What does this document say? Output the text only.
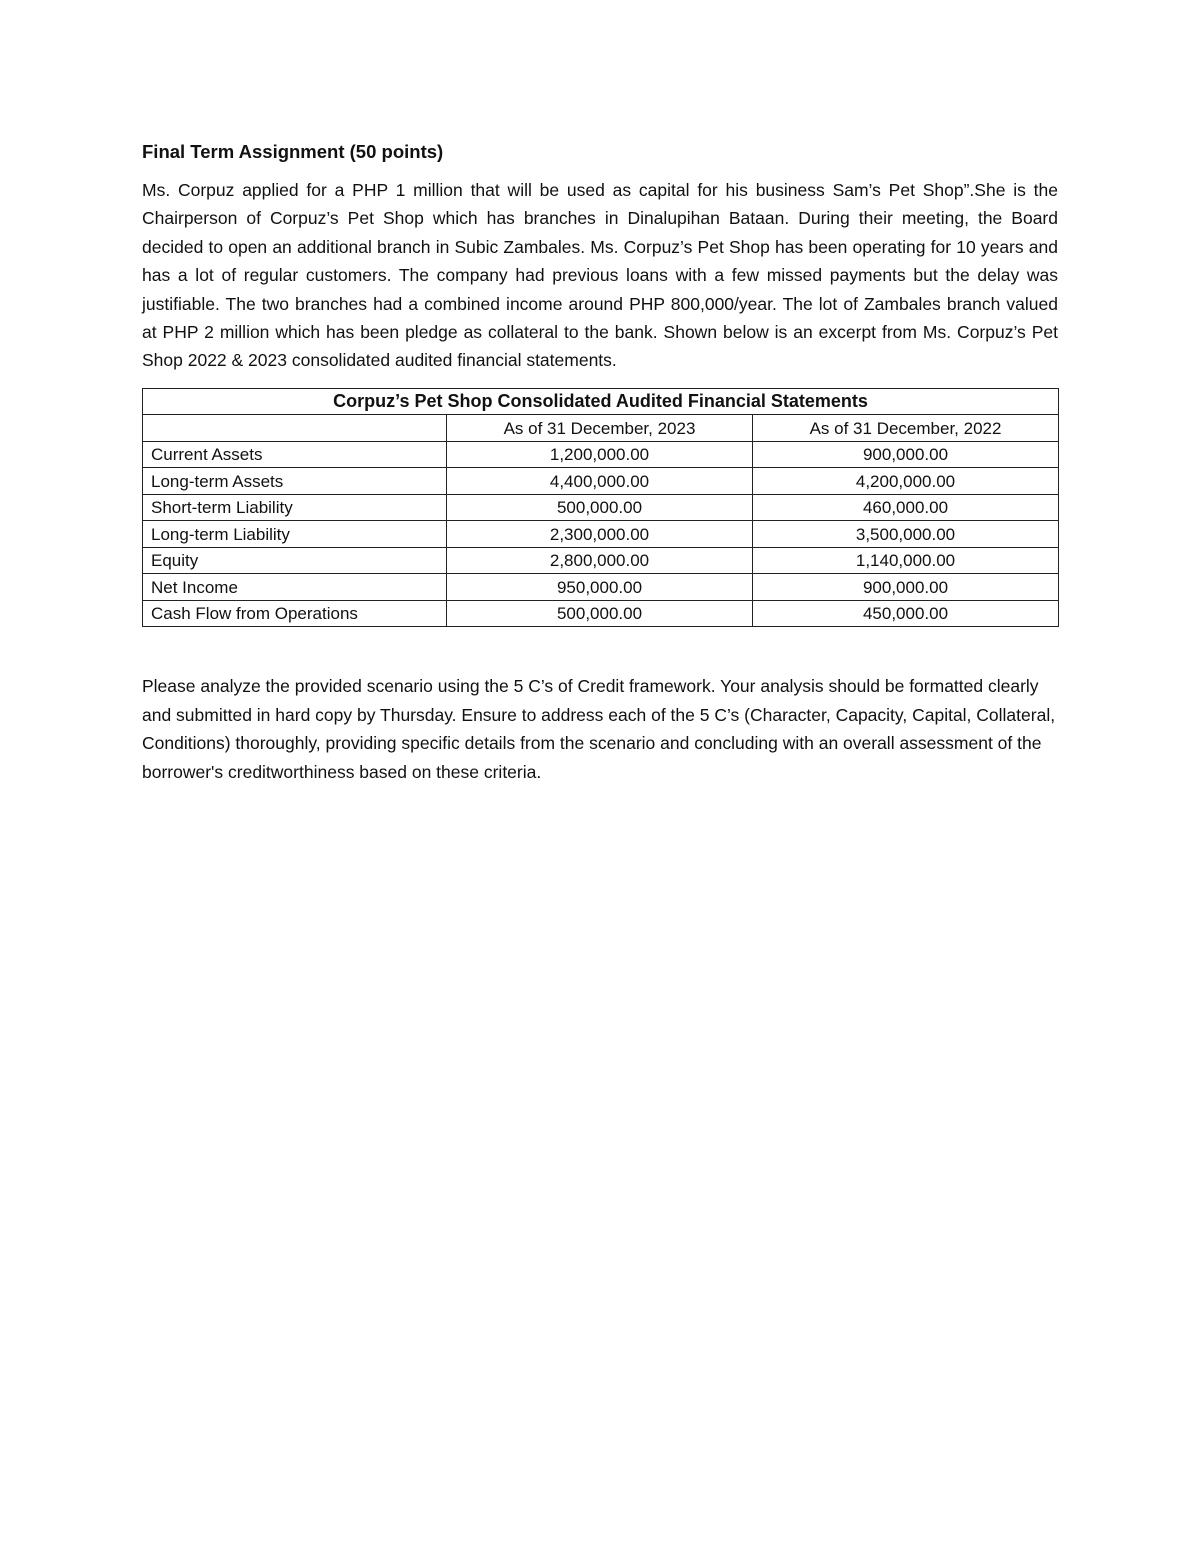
Final Term Assignment (50 points)

Ms. Corpuz applied for a PHP 1 million that will be used as capital for his business Sam’s Pet Shop”.She is the Chairperson of Corpuz’s Pet Shop which has branches in Dinalupihan Bataan. During their meeting, the Board decided to open an additional branch in Subic Zambales. Ms. Corpuz’s Pet Shop has been operating for 10 years and has a lot of regular customers. The company had previous loans with a few missed payments but the delay was justifiable. The two branches had a combined income around PHP 800,000/year. The lot of Zambales branch valued at PHP 2 million which has been pledge as collateral to the bank. Shown below is an excerpt from Ms. Corpuz’s Pet Shop 2022 & 2023 consolidated audited financial statements.

Corpuz’s Pet Shop Consolidated Audited Financial Statements		
	As of 31 December, 2023	As of 31 December, 2022
Current Assets	1,200,000.00	900,000.00
Long-term Assets	4,400,000.00	4,200,000.00
Short-term Liability	500,000.00	460,000.00
Long-term Liability	2,300,000.00	3,500,000.00
Equity	2,800,000.00	1,140,000.00
Net Income	950,000.00	900,000.00
Cash Flow from Operations	500,000.00	450,000.00

Please analyze the provided scenario using the 5 C’s of Credit framework. Your analysis should be formatted clearly and submitted in hard copy by Thursday. Ensure to address each of the 5 C’s (Character, Capacity, Capital, Collateral, Conditions) thoroughly, providing specific details from the scenario and concluding with an overall assessment of the borrower's creditworthiness based on these criteria.
